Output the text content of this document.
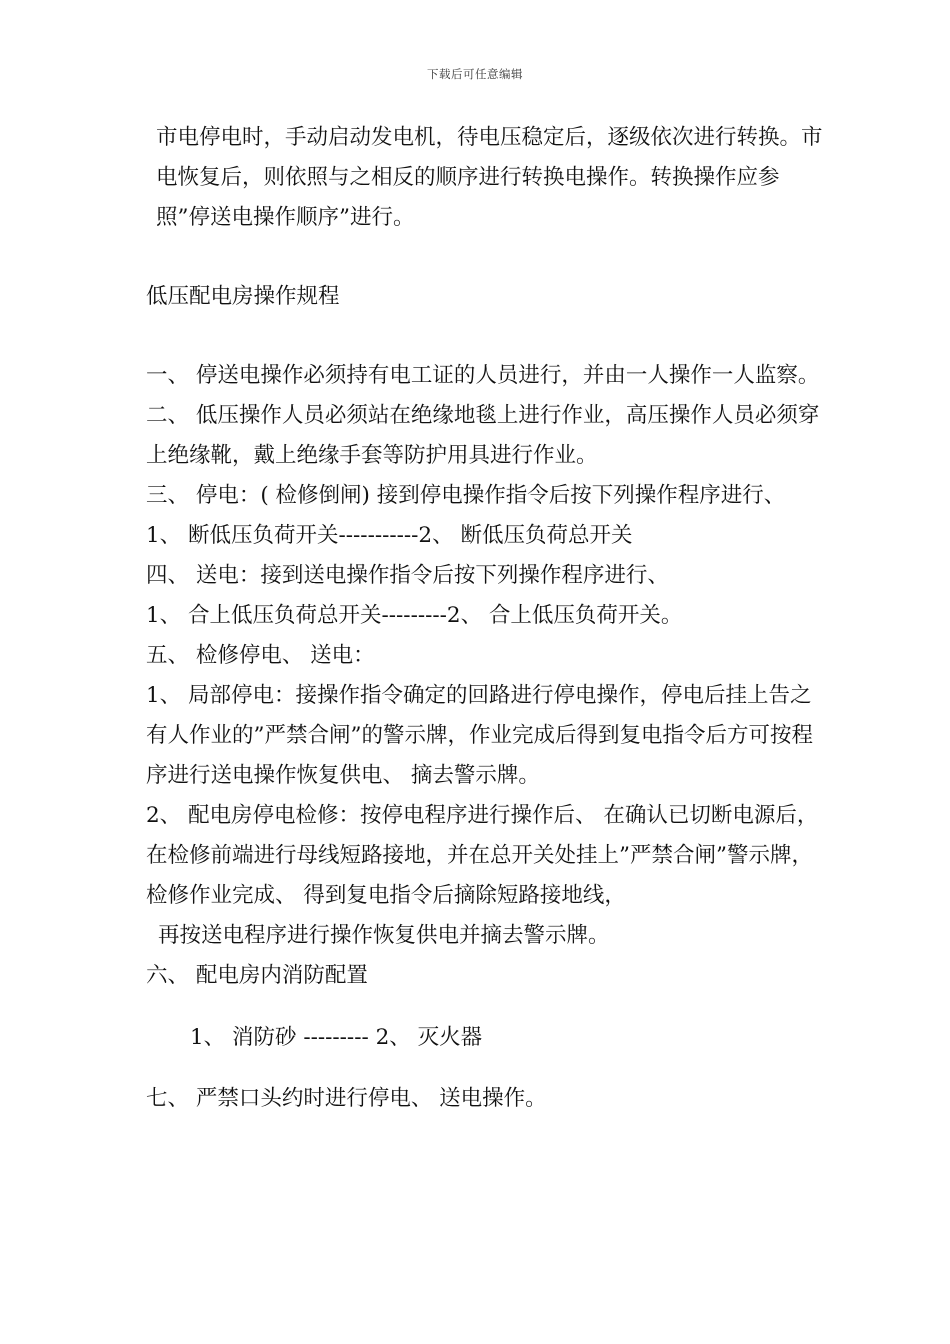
下载后可任意编辑

市电停电时，手动启动发电机，待电压稳定后，逐级依次进行转换。市电恢复后，则依照与之相反的顺序进行转换电操作。转换操作应参照”停送电操作顺序”进行。

低压配电房操作规程

一、 停送电操作必须持有电工证的人员进行，并由一人操作一人监察。

二、 低压操作人员必须站在绝缘地毯上进行作业，高压操作人员必须穿上绝缘靴，戴上绝缘手套等防护用具进行作业。

三、 停电：( 检修倒闸) 接到停电操作指令后按下列操作程序进行、

1、 断低压负荷开关-----------2、 断低压负荷总开关

四、 送电：接到送电操作指令后按下列操作程序进行、

1、 合上低压负荷总开关---------2、 合上低压负荷开关。

五、 检修停电、 送电：

1、 局部停电：接操作指令确定的回路进行停电操作，停电后挂上告之有人作业的”严禁合闸”的警示牌，作业完成后得到复电指令后方可按程序进行送电操作恢复供电、 摘去警示牌。

2、 配电房停电检修：按停电程序进行操作后、 在确认已切断电源后，在检修前端进行母线短路接地，并在总开关处挂上”严禁合闸”警示牌，检修作业完成、 得到复电指令后摘除短路接地线，

再按送电程序进行操作恢复供电并摘去警示牌。

六、 配电房内消防配置

1、 消防砂 --------- 2、 灭火器

七、 严禁口头约时进行停电、 送电操作。
